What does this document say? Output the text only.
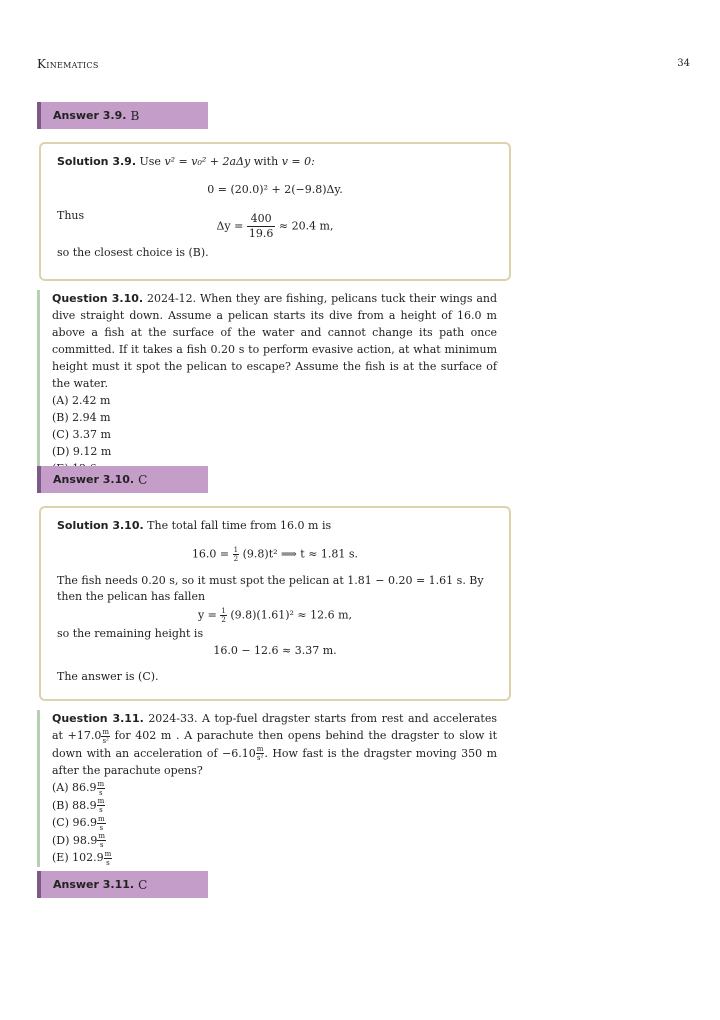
Kinematics	34
Answer 3.9. B
Solution 3.9. Use v² = v₀² + 2aΔy with v = 0:
0 = (20.0)² + 2(−9.8)Δy.
Thus
$\Delta y = \frac{400}{19.6} \approx 20.4$ m,
so the closest choice is (B).
Question 3.10. 2024-12. When they are fishing, pelicans tuck their wings and dive straight down. Assume a pelican starts its dive from a height of 16.0 m above a fish at the surface of the water and cannot change its path once committed. If it takes a fish 0.20 s to perform evasive action, at what minimum height must it spot the pelican to escape? Assume the fish is at the surface of the water.
(A) 2.42 m
(B) 2.94 m
(C) 3.37 m
(D) 9.12 m
Answer 3.10. C
Solution 3.10. The total fall time from 16.0 m is
$16.0 = \frac{1}{2} (9.8)t^2$ ⟹ t ≈ 1.81 s.
The fish needs 0.20 s, so it must spot the pelican at 1.81 − 0.20 = 1.61 s. By then the pelican has fallen
$y = \frac{1}{2} (9.8)(1.61)^2 \approx 12.6$ m,
so the remaining height is
16.0 − 12.6 ≈ 3.37 m.
The answer is (C).
Question 3.11. 2024-33. A top-fuel dragster starts from rest and accelerates at $+17.0 \frac{m}{\text{s²}}$ for 402 m . A parachute then opens behind the dragster to slow it down with an acceleration of $-6.10 \frac{m}{\text{s²}}$ . How fast is the dragster moving 350 m after the parachute opens?
(A) $86.9 \frac{m}{s}$
(B) $88.9 \frac{m}{s}$
(C) $96.9 \frac{m}{s}$
(D) $98.9 \frac{m}{s}$
(E) $102.9 \frac{m}{s}$
Answer 3.11. C
